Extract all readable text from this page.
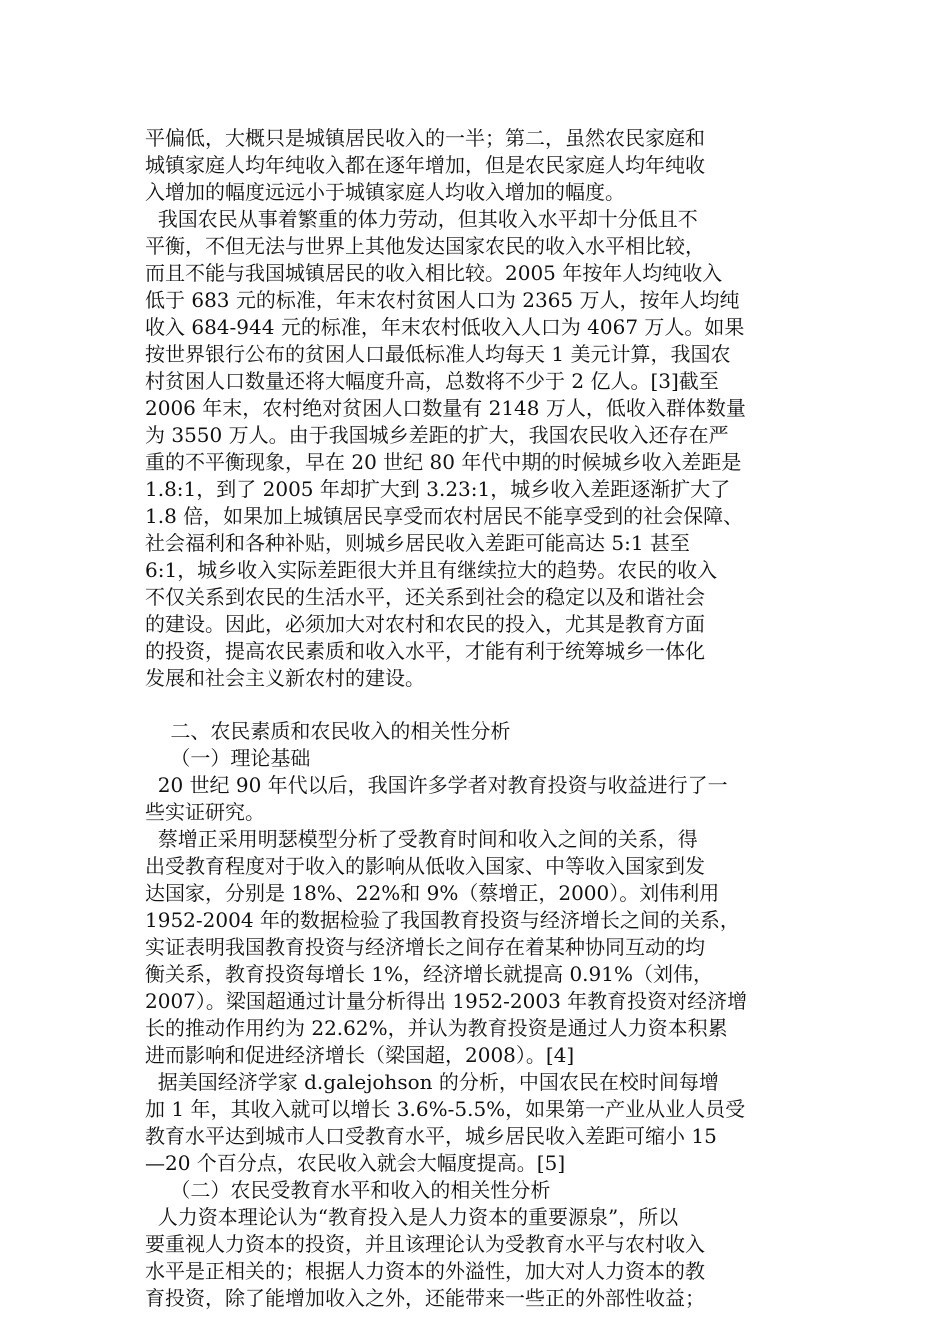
平偏低，大概只是城镇居民收入的一半；第二，虽然农民家庭和

城镇家庭人均年纯收入都在逐年增加，但是农民家庭人均年纯收

入增加的幅度远远小于城镇家庭人均收入增加的幅度。

我国农民从事着繁重的体力劳动，但其收入水平却十分低且不

平衡，不但无法与世界上其他发达国家农民的收入水平相比较，

而且不能与我国城镇居民的收入相比较。2005 年按年人均纯收入

低于 683 元的标准，年末农村贫困人口为 2365 万人，按年人均纯

收入 684-944 元的标准，年末农村低收入人口为 4067 万人。如果

按世界银行公布的贫困人口最低标准人均每天 1 美元计算，我国农

村贫困人口数量还将大幅度升高，总数将不少于 2 亿人。[3]截至

2006 年末，农村绝对贫困人口数量有 2148 万人，低收入群体数量

为 3550 万人。由于我国城乡差距的扩大，我国农民收入还存在严

重的不平衡现象，早在 20 世纪 80 年代中期的时候城乡收入差距是

1.8:1，到了 2005 年却扩大到 3.23:1，城乡收入差距逐渐扩大了

1.8 倍，如果加上城镇居民享受而农村居民不能享受到的社会保障、

社会福利和各种补贴，则城乡居民收入差距可能高达 5:1 甚至

6:1，城乡收入实际差距很大并且有继续拉大的趋势。农民的收入

不仅关系到农民的生活水平，还关系到社会的稳定以及和谐社会

的建设。因此，必须加大对农村和农民的投入，尤其是教育方面

的投资，提高农民素质和收入水平，才能有利于统筹城乡一体化

发展和社会主义新农村的建设。

二、农民素质和农民收入的相关性分析

（一）理论基础

20 世纪 90 年代以后，我国许多学者对教育投资与收益进行了一

些实证研究。

蔡增正采用明瑟模型分析了受教育时间和收入之间的关系，得

出受教育程度对于收入的影响从低收入国家、中等收入国家到发

达国家，分别是 18%、22%和 9%（蔡增正，2000）。刘伟利用

1952-2004 年的数据检验了我国教育投资与经济增长之间的关系，

实证表明我国教育投资与经济增长之间存在着某种协同互动的均

衡关系，教育投资每增长 1%，经济增长就提高 0.91%（刘伟，

2007）。梁国超通过计量分析得出 1952-2003 年教育投资对经济增

长的推动作用约为 22.62%，并认为教育投资是通过人力资本积累

进而影响和促进经济增长（梁国超，2008）。[4]

据美国经济学家 d.galejohson 的分析，中国农民在校时间每增

加 1 年，其收入就可以增长 3.6%-5.5%，如果第一产业从业人员受

教育水平达到城市人口受教育水平，城乡居民收入差距可缩小 15

—20 个百分点，农民收入就会大幅度提高。[5]

（二）农民受教育水平和收入的相关性分析

人力资本理论认为“教育投入是人力资本的重要源泉”，所以

要重视人力资本的投资，并且该理论认为受教育水平与农村收入

水平是正相关的；根据人力资本的外溢性，加大对人力资本的教

育投资，除了能增加收入之外，还能带来一些正的外部性收益；
